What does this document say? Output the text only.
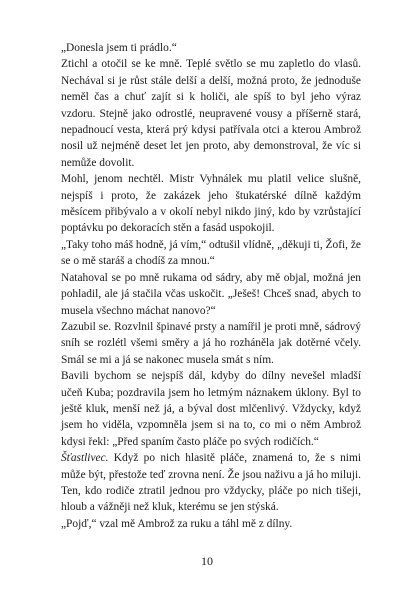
„Donesla jsem ti prádlo.“

Ztichl a otočil se ke mně. Teplé světlo se mu zapletlo do vlasů. Nechával si je růst stále delší a delší, možná proto, že jednoduše neměl čas a chuť zajít si k holiči, ale spíš to byl jeho výraz vzdoru. Stejně jako odrostlé, neupravené vousy a příšerně stará, nepadnoucí vesta, která prý kdysi patřívala otci a kterou Ambrož nosil už nejméně deset let jen proto, aby demonstroval, že víc si nemůže dovolit.

Mohl, jenom nechtěl. Mistr Vyhnálek mu platil velice slušně, nejspíš i proto, že zakázek jeho štukatérské dílně každým měsícem přibývalo a v okolí nebyl nikdo jiný, kdo by vzrůstající poptávku po dekoracích stěn a fasád uspokojil.

„Taky toho máš hodně, já vím,“ odtušil vlídně, „děkuji ti, Žofi, že se o mě staráš a chodíš za mnou.“

Natahoval se po mně rukama od sádry, aby mě objal, možná jen pohladil, ale já stačila včas uskočit. „Ješeš! Chceš snad, abych to musela všechno máchat nanovo?“

Zazubil se. Rozvlnil špinavé prsty a namířil je proti mně, sádrový sníh se rozlétl všemi směry a já ho rozháněla jak dotěrné včely. Smál se mi a já se nakonec musela smát s ním.

Bavili bychom se nejspíš dál, kdyby do dílny nevešel mladší učeň Kuba; pozdravila jsem ho letmým náznakem úklony. Byl to ještě kluk, menší než já, a býval dost mlčenlivý. Vždycky, když jsem ho viděla, vzpomněla jsem si na to, co mi o něm Ambrož kdysi řekl: „Před spaním často pláče po svých rodičích.“

Šťastlivec. Když po nich hlasitě pláče, znamená to, že s nimi může být, přestože teď zrovna není. Že jsou naživu a já ho miluji. Ten, kdo rodiče ztratil jednou pro vždycky, pláče po nich tišeji, hloub a vážněji než kluk, kterému se jen stýská.

„Pojď,“ vzal mě Ambrož za ruku a táhl mě z dílny.

10
